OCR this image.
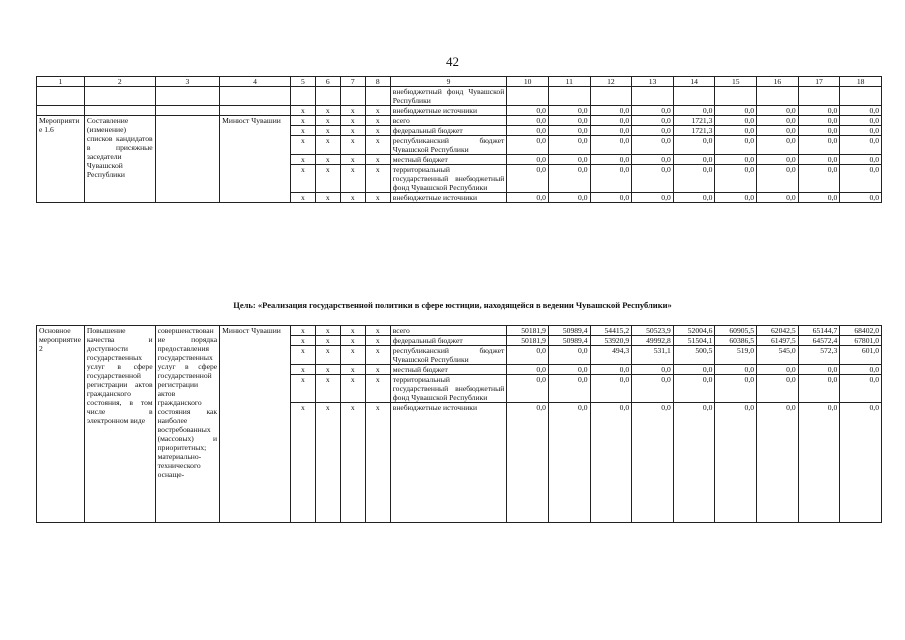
42
1	2	3	4	5	6	7	8	9	10	11	12	13	14	15	16	17	18
								внебюджетный фонд Чувашской Республики									
				x	x	x	x	внебюджетные источники	0,0	0,0	0,0	0,0	0,0	0,0	0,0	0,0	0,0
Мероприятие 1.6	Составление (изменение) списков кандидатов в присяжные заседатели Чувашской Республики		Минюст Чувашии	x	x	x	x	всего	0,0	0,0	0,0	0,0	1721,3	0,0	0,0	0,0	0,0
				x	x	x	x	федеральный бюджет	0,0	0,0	0,0	0,0	1721,3	0,0	0,0	0,0	0,0
				x	x	x	x	республиканский бюджет Чувашской Республики	0,0	0,0	0,0	0,0	0,0	0,0	0,0	0,0	0,0
				x	x	x	x	местный бюджет	0,0	0,0	0,0	0,0	0,0	0,0	0,0	0,0	0,0
				x	x	x	x	территориальный государственный внебюджетный фонд Чувашской Республики	0,0	0,0	0,0	0,0	0,0	0,0	0,0	0,0	0,0
				x	x	x	x	внебюджетные источники	0,0	0,0	0,0	0,0	0,0	0,0	0,0	0,0	0,0
Цель: «Реализация государственной политики в сфере юстиции, находящейся в ведении Чувашской Республики»
Основное мероприятие 2	Повышение качества и доступности государственных услуг в сфере государственной регистрации актов гражданского состояния, в том числе в электронном виде	совершенствование порядка предоставления государственных услуг в сфере государственной регистрации актов гражданского состояния как наиболее востребованных (массовых) и приоритетных; материально-технического оснаще-	Минюст Чувашии	x	x	x	x	всего	50181,9	50989,4	54415,2	50523,9	52004,6	60905,5	62042,5	65144,7	68402,0
				x	x	x	x	федеральный бюджет	50181,9	50989,4	53920,9	49992,8	51504,1	60386,5	61497,5	64572,4	67801,0
				x	x	x	x	республиканский бюджет Чувашской Республики	0,0	0,0	494,3	531,1	500,5	519,0	545,0	572,3	601,0
				x	x	x	x	местный бюджет	0,0	0,0	0,0	0,0	0,0	0,0	0,0	0,0	0,0
				x	x	x	x	территориальный государственный внебюджетный фонд Чувашской Республики	0,0	0,0	0,0	0,0	0,0	0,0	0,0	0,0	0,0
				x	x	x	x	внебюджетные источники	0,0	0,0	0,0	0,0	0,0	0,0	0,0	0,0	0,0
